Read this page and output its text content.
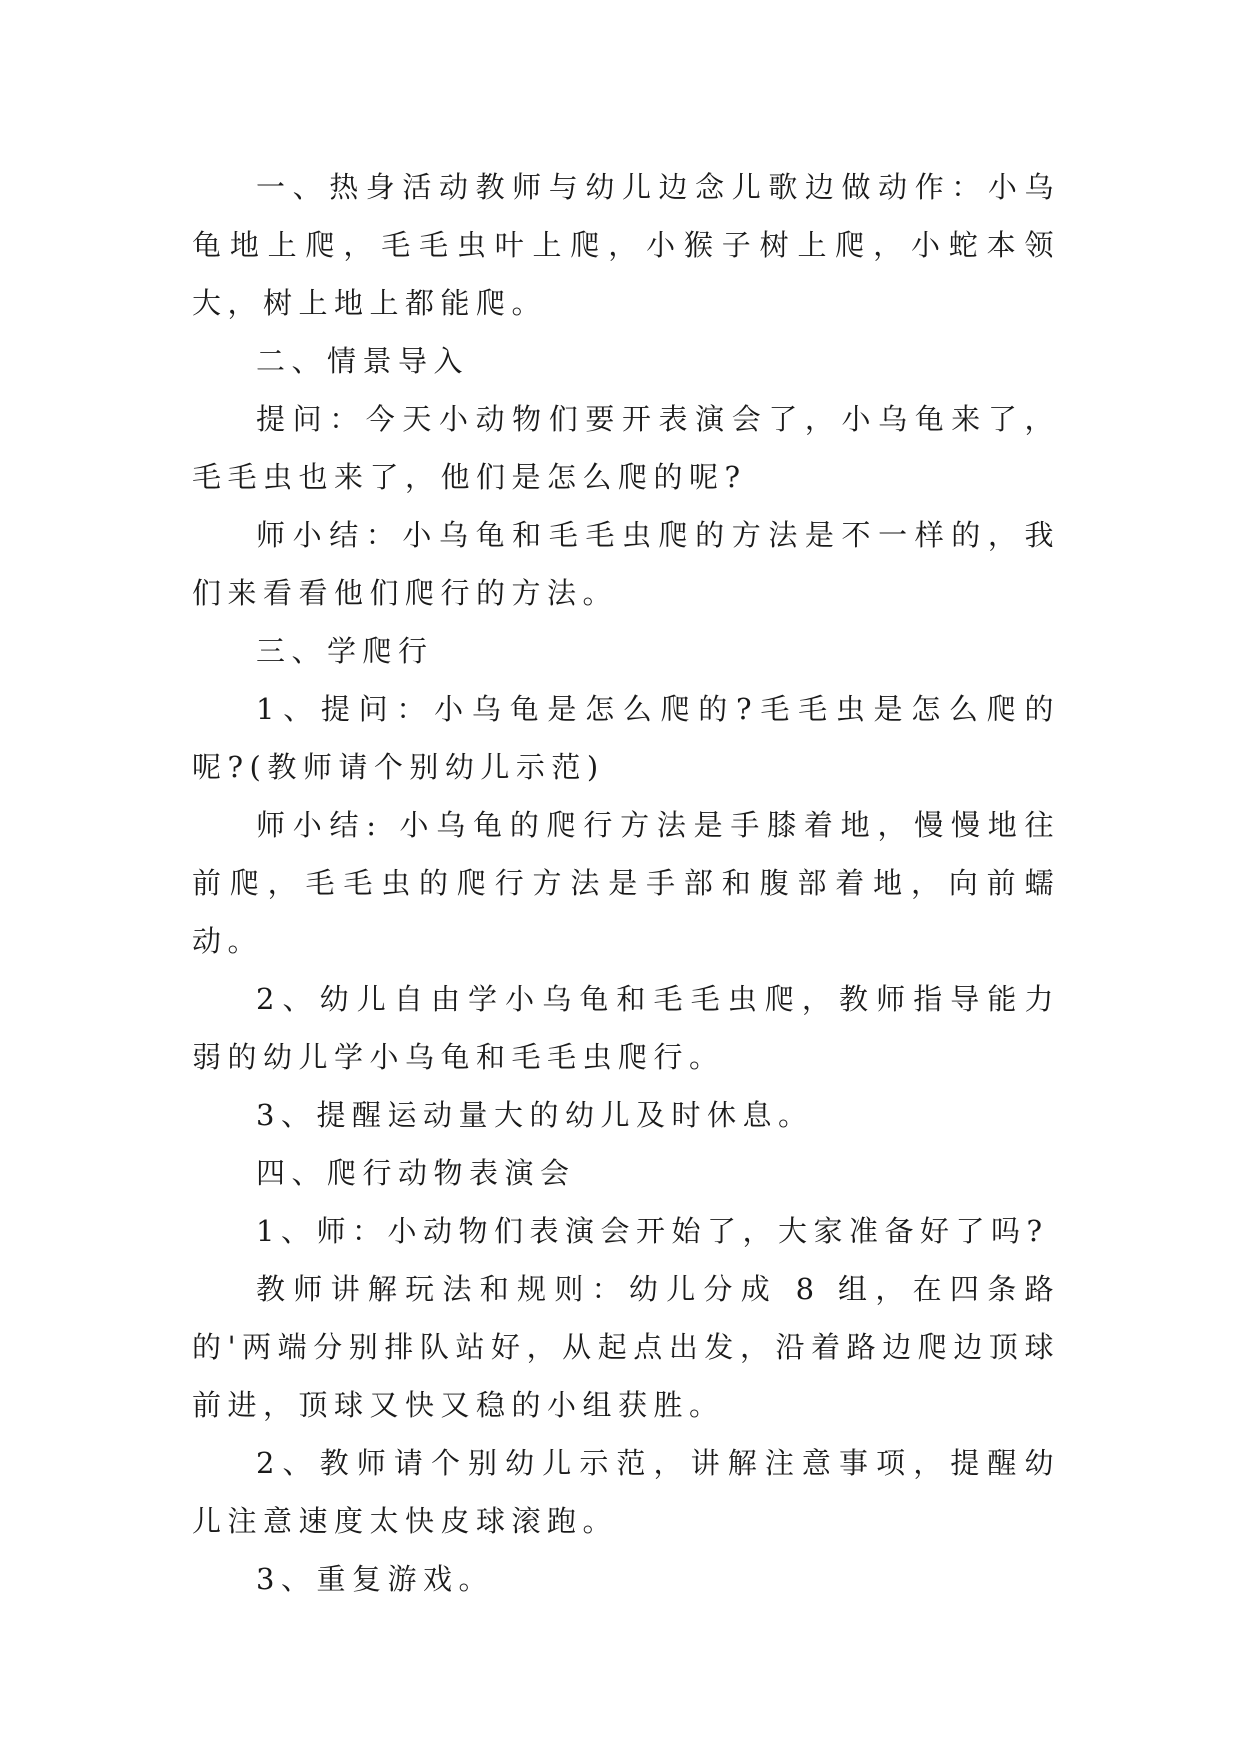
一、热身活动教师与幼儿边念儿歌边做动作：小乌龟地上爬，毛毛虫叶上爬，小猴子树上爬，小蛇本领大，树上地上都能爬。

二、情景导入

提问：今天小动物们要开表演会了，小乌龟来了，毛毛虫也来了，他们是怎么爬的呢?

师小结：小乌龟和毛毛虫爬的方法是不一样的，我们来看看他们爬行的方法。

三、学爬行

1、提问：小乌龟是怎么爬的?毛毛虫是怎么爬的呢?(教师请个别幼儿示范)

师小结: 小乌龟的爬行方法是手膝着地，慢慢地往前爬，毛毛虫的爬行方法是手部和腹部着地，向前蠕动。

2、幼儿自由学小乌龟和毛毛虫爬，教师指导能力弱的幼儿学小乌龟和毛毛虫爬行。

3、提醒运动量大的幼儿及时休息。

四、爬行动物表演会

1、师：小动物们表演会开始了，大家准备好了吗?

教师讲解玩法和规则：幼儿分成 8 组，在四条路的'两端分别排队站好，从起点出发，沿着路边爬边顶球前进，顶球又快又稳的小组获胜。

2、教师请个别幼儿示范，讲解注意事项，提醒幼儿注意速度太快皮球滚跑。

3、重复游戏。
